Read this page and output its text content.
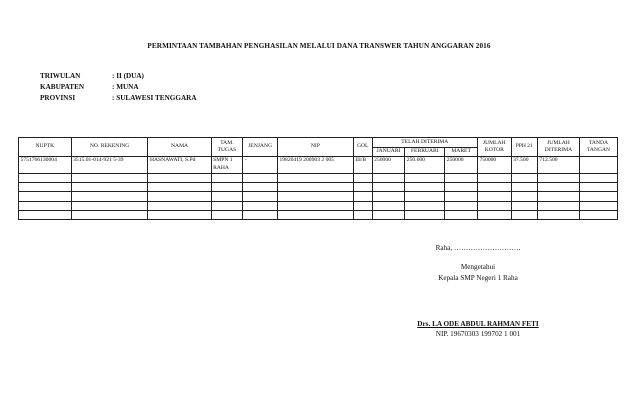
PERMINTAAN TAMBAHAN PENGHASILAN MELALUI DANA TRANSWER TAHUN ANGGARAN 2016
TRIWULAN	: II (DUA)
KABUPATEN	: MUNA
PROVINSI	: SULAWESI TENGGARA
NUPTK	NO. REKENING	NAMA	TAM. TUGAS	JENJANG	NIP	GOL	TELAH DITERIMA			JUMLAH KOTOR	PPH 21	JUMLAH DITERIMA	TANDA TANGAN
							JANUARI	FEBRUARI	MARET				
5751766130004	3515.01-014-921 5-39	HASNAWATI, S.Pd	SMPN 1 RAHA	-	19820419 200903 2 005	III/B	250000	250.000	250000	750000	37.500	712.500	

Raha, ……………………….
Mengetahui
Kepala SMP Negeri 1 Raha
Drs. LA ODE ABDUL RAHMAN FETI
NIP. 19670303 199702 1 001
